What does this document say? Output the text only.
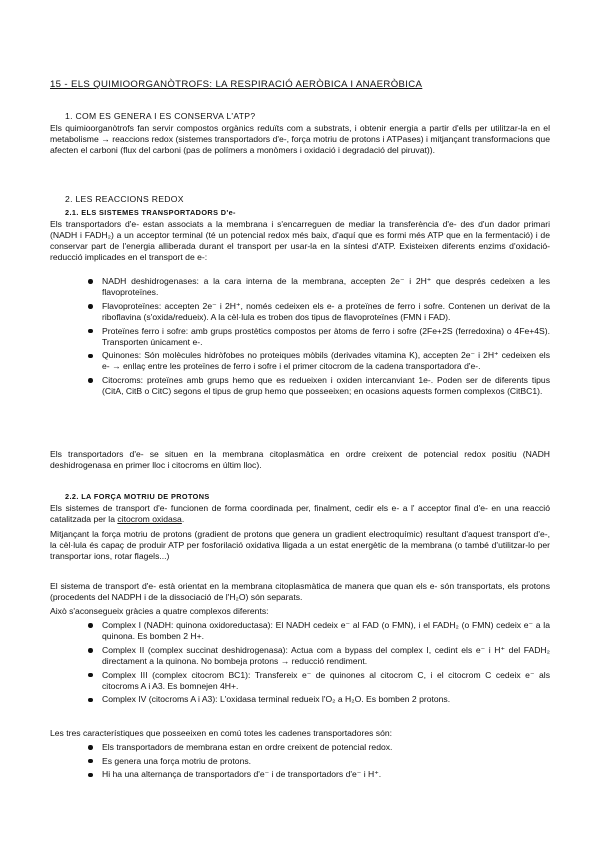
15 - ELS QUIMIOORGANÒTROFS: LA RESPIRACIÓ AERÒBICA I ANAERÒBICA
1. COM ES GENERA I ES CONSERVA L'ATP?

Els quimioorganòtrofs fan servir compostos orgànics reduïts com a substrats, i obtenir energia a partir d'ells per utilitzar-la en el metabolisme → reaccions redox (sistemes transportadors d'e-, força motriu de protons i ATPases) i mitjançant transformacions que afecten el carboni (flux del carboni (pas de polímers a monòmers i oxidació i degradació del piruvat)).

2. LES REACCIONS REDOX
2.1. ELS SISTEMES TRANSPORTADORS D'e-

Els transportadors d'e- estan associats a la membrana i s'encarreguen de mediar la transferència d'e- des d'un dador primari (NADH i FADH₂) a un acceptor terminal (té un potencial redox més baix, d'aquí que es formi més ATP que en la fermentació) i de conservar part de l'energia alliberada durant el transport per usar-la en la síntesi d'ATP. Existeixen diferents enzims d'oxidació-reducció implicades en el transport de e-:

NADH deshidrogenases: a la cara interna de la membrana, accepten 2e⁻ i 2H⁺ que després cedeixen a les flavoproteïnes.
Flavoproteïnes: accepten 2e⁻ i 2H⁺, només cedeixen els e- a proteïnes de ferro i sofre. Contenen un derivat de la riboflavina (s'oxida/redueix). A la cèl·lula es troben dos tipus de flavoproteïnes (FMN i FAD).
Proteïnes ferro i sofre: amb grups prostètics compostos per àtoms de ferro i sofre (2Fe+2S (ferredoxina) o 4Fe+4S). Transporten únicament e-.
Quinones: Són molècules hidròfobes no proteiques mòbils (derivades vitamina K), accepten 2e⁻ i 2H⁺ cedeixen els e- → enllaç entre les proteïnes de ferro i sofre i el primer citocrom de la cadena transportadora d'e-.
Citocroms: proteïnes amb grups hemo que es redueixen i oxiden intercanviant 1e-. Poden ser de diferents tipus (CitA, CitB o CitC) segons el tipus de grup hemo que posseeixen; en ocasions aquests formen complexos (CitBC1).

Els transportadors d'e- se situen en la membrana citoplasmàtica en ordre creixent de potencial redox positiu (NADH deshidrogenasa en primer lloc i citocroms en últim lloc).

2.2. LA FORÇA MOTRIU DE PROTONS

Els sistemes de transport d'e- funcionen de forma coordinada per, finalment, cedir els e- a l' acceptor final d'e- en una reacció catalitzada per la citocrom oxidasa.

Mitjançant la força motriu de protons (gradient de protons que genera un gradient electroquímic) resultant d'aquest transport d'e-, la cèl·lula és capaç de produir ATP per fosforilació oxidativa lligada a un estat energètic de la membrana (o també d'utilitzar-lo per transportar ions, rotar flagels...)

El sistema de transport d'e- està orientat en la membrana citoplasmàtica de manera que quan els e- són transportats, els protons (procedents del NADPH i de la dissociació de l'H₂O) són separats.

Això s'aconsegueix gràcies a quatre complexos diferents:

Complex I (NADH: quinona oxidoreductasa): El NADH cedeix e⁻ al FAD (o FMN), i el FADH₂ (o FMN) cedeix e⁻ a la quinona. Es bomben 2 H+.
Complex II (complex succinat deshidrogenasa): Actua com a bypass del complex I, cedint els e⁻ i H⁺ del FADH₂ directament a la quinona. No bombeja protons → reducció rendiment.
Complex III (complex citocrom BC1): Transfereix e⁻ de quinones al citocrom C, i el citocrom C cedeix e⁻ als citocroms A i A3. Es bomnejen 4H+.
Complex IV (citocroms A i A3): L'oxidasa terminal redueix l'O₂ a H₂O. Es bomben 2 protons.

Les tres característiques que posseeixen en comú totes les cadenes transportadores són:

Els transportadors de membrana estan en ordre creixent de potencial redox.
Es genera una força motriu de protons.
Hi ha una alternança de transportadors d'e⁻ i de transportadors d'e⁻ i H⁺.
